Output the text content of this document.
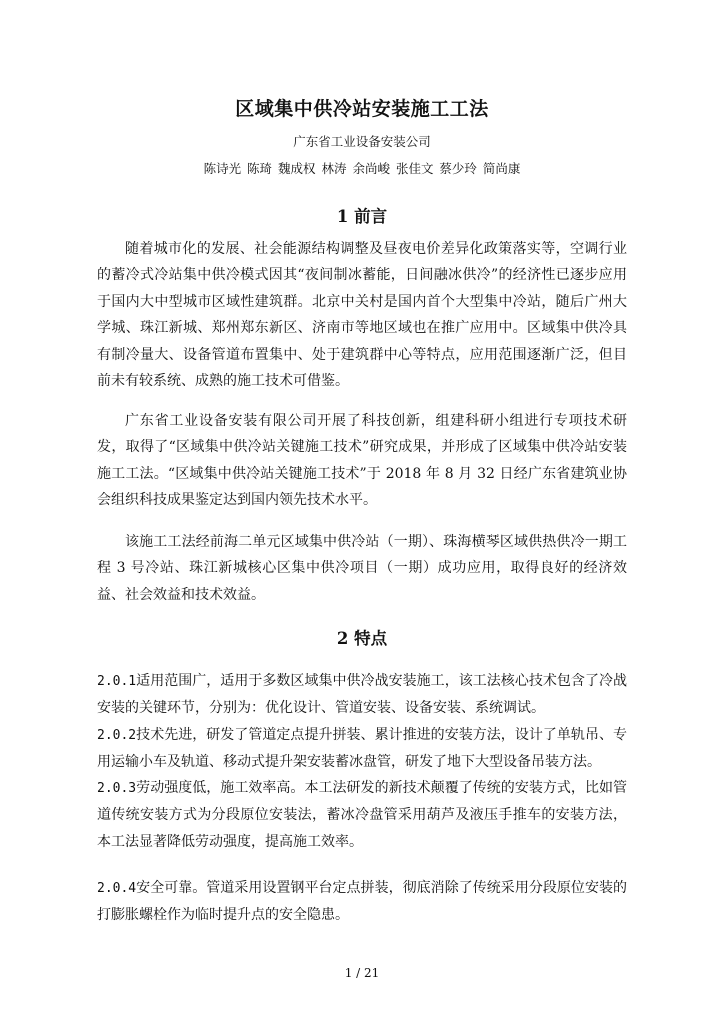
区域集中供冷站安装施工工法
广东省工业设备安装公司
陈诗光 陈琦 魏成权 林涛 余尚峻 张佳文 蔡少玲 简尚康
1 前言

随着城市化的发展、社会能源结构调整及昼夜电价差异化政策落实等，空调行业的蓄冷式冷站集中供冷模式因其“夜间制冰蓄能，日间融冰供冷”的经济性已逐步应用于国内大中型城市区域性建筑群。北京中关村是国内首个大型集中冷站，随后广州大学城、珠江新城、郑州郑东新区、济南市等地区域也在推广应用中。区域集中供冷具有制冷量大、设备管道布置集中、处于建筑群中心等特点，应用范围逐渐广泛，但目前未有较系统、成熟的施工技术可借鉴。

广东省工业设备安装有限公司开展了科技创新，组建科研小组进行专项技术研发，取得了“区域集中供冷站关键施工技术”研究成果，并形成了区域集中供冷站安装施工工法。“区域集中供冷站关键施工技术”于 2018 年 8 月 32 日经广东省建筑业协会组织科技成果鉴定达到国内领先技术水平。

该施工工法经前海二单元区域集中供冷站（一期）、珠海横琴区域供热供冷一期工程 3 号冷站、珠江新城核心区集中供冷项目（一期）成功应用，取得良好的经济效益、社会效益和技术效益。

2 特点

2.0.1适用范围广，适用于多数区域集中供冷战安装施工，该工法核心技术包含了冷战安装的关键环节，分别为：优化设计、管道安装、设备安装、系统调试。

2.0.2技术先进，研发了管道定点提升拼装、累计推进的安装方法，设计了单轨吊、专用运输小车及轨道、移动式提升架安装蓄冰盘管，研发了地下大型设备吊装方法。

2.0.3劳动强度低，施工效率高。本工法研发的新技术颠覆了传统的安装方式，比如管道传统安装方式为分段原位安装法，蓄冰冷盘管采用葫芦及液压手推车的安装方法，本工法显著降低劳动强度，提高施工效率。

2.0.4安全可靠。管道采用设置钢平台定点拼装，彻底消除了传统采用分段原位安装的打膨胀螺栓作为临时提升点的安全隐患。

1 / 21
